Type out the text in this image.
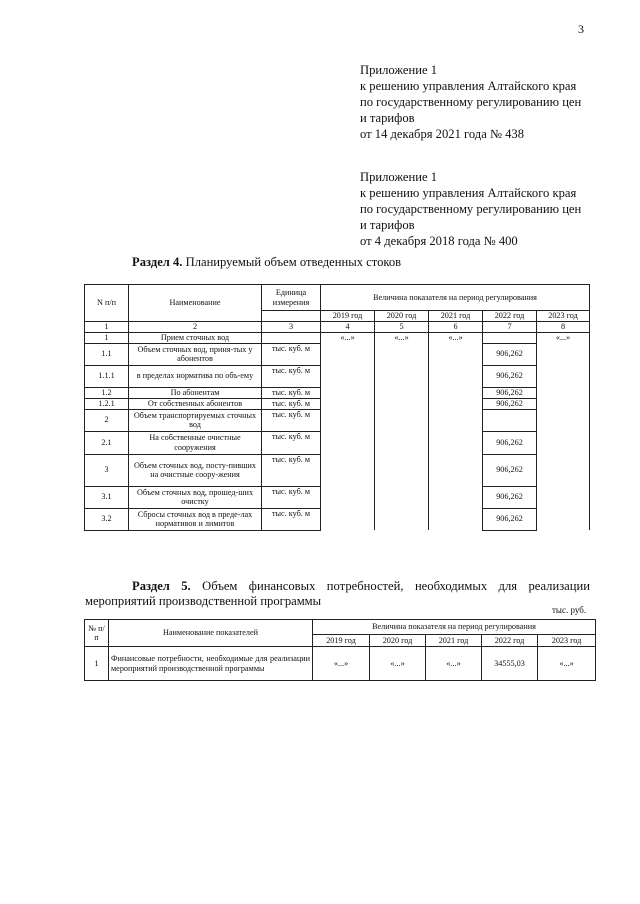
3
Приложение 1
к решению управления Алтайского края
по государственному регулированию цен
и тарифов
от 14 декабря 2021 года № 438
Приложение 1
к решению управления Алтайского края
по государственному регулированию цен
и тарифов
от 4 декабря 2018 года № 400
Раздел 4. Планируемый объем отведенных стоков
N п/п	Наименование	Единица измерения	Величина показателя на период регулирования				
			2019 год	2020 год	2021 год	2022 год	2023 год
1	2	3	4	5	6	7	8
1	Прием сточных вод		«...»	«...»	«...»		«...»
1.1	Объем сточных вод, приня-тых у абонентов	тыс. куб. м				906,262	
1.1.1	в пределах норматива по объ-ему	тыс. куб. м				906,262	
1.2	По абонентам	тыс. куб. м				906,262	
1.2.1	От собственных абонентов	тыс. куб. м				906,262	
2	Объем транспортируемых сточных вод	тыс. куб. м					
2.1	На собственные очистные сооружения	тыс. куб. м				906,262	
3	Объем сточных вод, посту-пивших на очистные соору-жения	тыс. куб. м				906,262	
3.1	Объем сточных вод, прошед-ших очистку	тыс. куб. м				906,262	
3.2	Сбросы сточных вод в преде-лах нормативов и лимитов	тыс. куб. м				906,262	
Раздел 5. Объем финансовых потребностей, необходимых для реализации мероприятий производственной программы
тыс. руб.
№ п/п	Наименование показателей	Величина показателя на период регулирования				
		2019 год	2020 год	2021 год	2022 год	2023 год
1	Финансовые потребности, необходимые для реализации мероприятий производственной программы	«...»	«...»	«...»	34555,03	«...»
